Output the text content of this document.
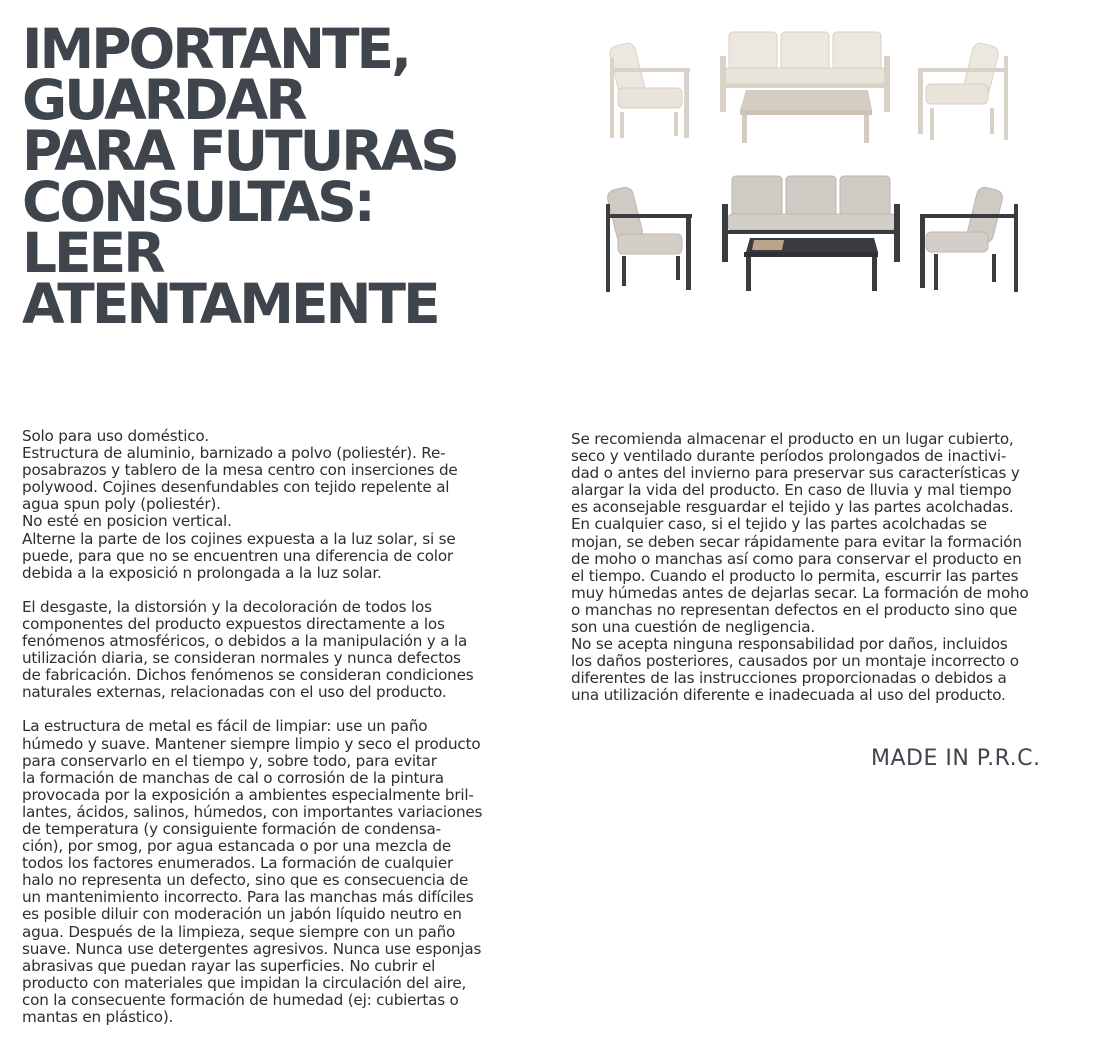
IMPORTANTE,
GUARDAR
PARA FUTURAS
CONSULTAS:
LEER
ATENTAMENTE

Solo para uso doméstico.

Estructura de aluminio, barnizado a polvo (poliestér). Re-

posabrazos y tablero de la mesa centro con inserciones de

polywood. Cojines desenfundables con tejido repelente al

agua spun poly (poliestér).

No esté en posicion vertical.

Alterne la parte de los cojines expuesta a la luz solar, si se

puede, para que no se encuentren una diferencia de color

debida a la exposició n prolongada a la luz solar.

El desgaste, la distorsión y la decoloración de todos los

componentes del producto expuestos directamente a los

fenómenos atmosféricos, o debidos a la manipulación y a la

utilización diaria, se consideran normales y nunca defectos

de fabricación. Dichos fenómenos se consideran condiciones

naturales externas, relacionadas con el uso del producto.

La estructura de metal es fácil de limpiar: use un paño

húmedo y suave. Mantener siempre limpio y seco el producto

para conservarlo en el tiempo y, sobre todo, para evitar

la formación de manchas de cal o corrosión de la pintura

provocada por la exposición a ambientes especialmente bril-

lantes, ácidos, salinos, húmedos, con importantes variaciones

de temperatura (y consiguiente formación de condensa-

ción), por smog, por agua estancada o por una mezcla de

todos los factores enumerados. La formación de cualquier

halo no representa un defecto, sino que es consecuencia de

un mantenimiento incorrecto. Para las manchas más difíciles

es posible diluir con moderación un jabón líquido neutro en

agua. Después de la limpieza, seque siempre con un paño

suave. Nunca use detergentes agresivos. Nunca use esponjas

abrasivas que puedan rayar las superficies. No cubrir el

producto con materiales que impidan la circulación del aire,

con la consecuente formación de humedad (ej: cubiertas o

mantas en plástico).

Se recomienda almacenar el producto en un lugar cubierto,

seco y ventilado durante períodos prolongados de inactivi-

dad o antes del invierno para preservar sus características y

alargar la vida del producto. En caso de lluvia y mal tiempo

es aconsejable resguardar el tejido y las partes acolchadas.

En cualquier caso, si el tejido y las partes acolchadas se

mojan, se deben secar rápidamente para evitar la formación

de moho o manchas así como para conservar el producto en

el tiempo. Cuando el producto lo permita, escurrir las partes

muy húmedas antes de dejarlas secar. La formación de moho

o manchas no representan defectos en el producto sino que

son una cuestión de negligencia.

No se acepta ninguna responsabilidad por daños, incluidos

los daños posteriores, causados por un montaje incorrecto o

diferentes de las instrucciones proporcionadas o debidos a

una utilización diferente e inadecuada al uso del producto.

MADE IN P.R.C.
